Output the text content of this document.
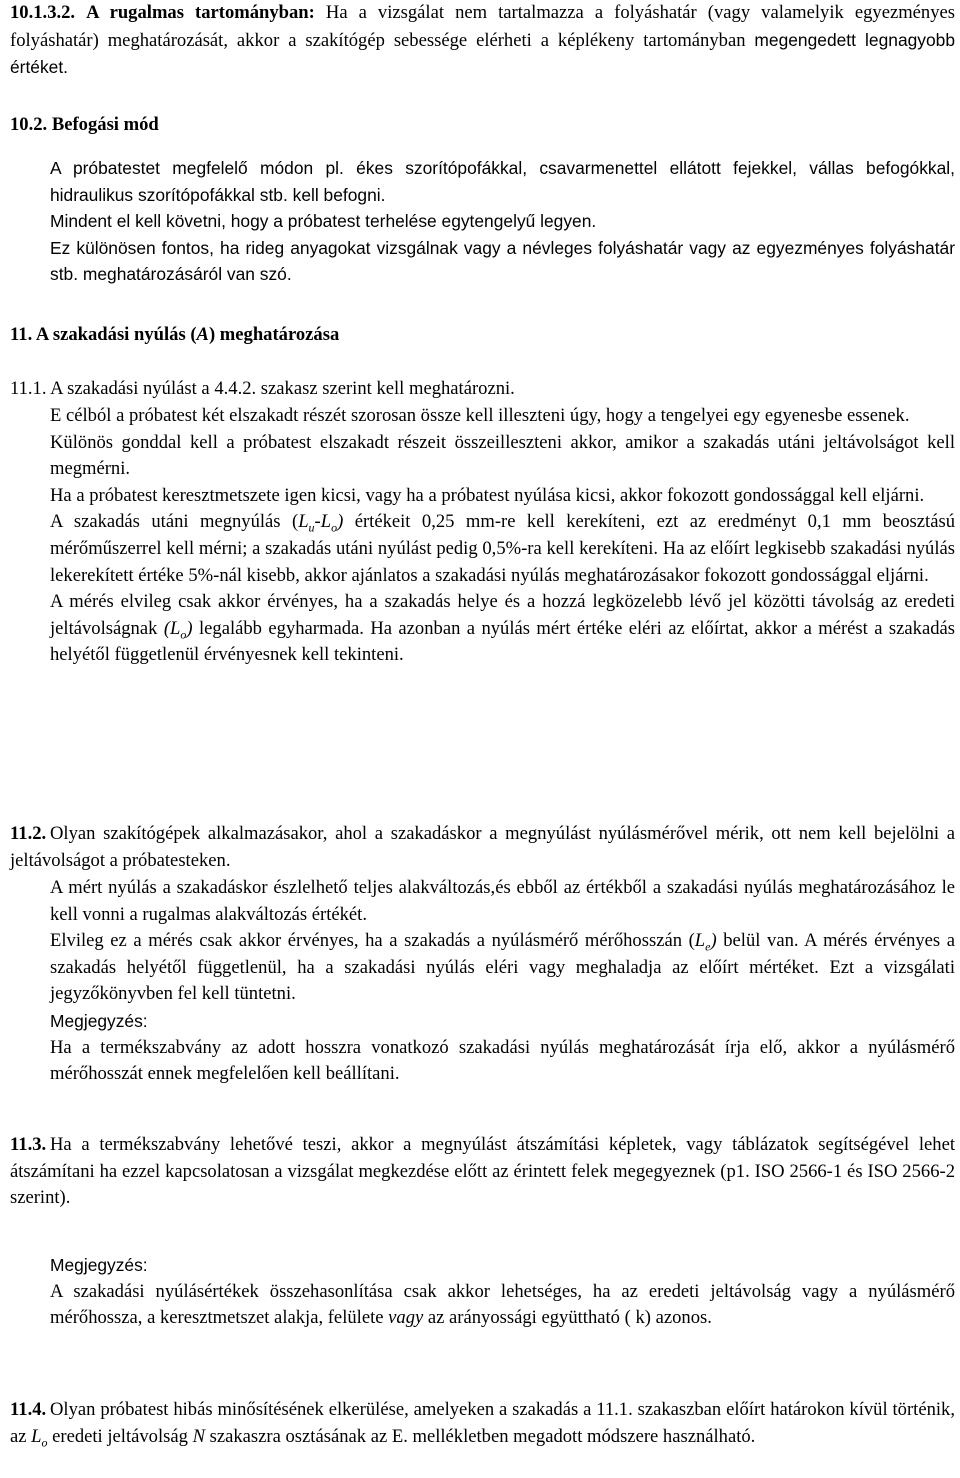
10.1.3.2. A rugalmas tartományban: Ha a vizsgálat nem tartalmazza a folyáshatár (vagy valamelyik egyezményes folyáshatár) meghatározását, akkor a szakítógép sebessége elérheti a képlékeny tartományban megengedett legnagyobb értéket.

10.2. Befogási mód

A próbatestet megfelelő módon pl. ékes szorítópofákkal, csavarmenettel ellátott fejekkel, vállas befogókkal, hidraulikus szorítópofákkal stb. kell befogni.

Mindent el kell követni, hogy a próbatest terhelése egytengelyű legyen.

Ez különösen fontos, ha rideg anyagokat vizsgálnak vagy a névleges folyáshatár vagy az egyezményes folyáshatár stb. meghatározásáról van szó.

11. A szakadási nyúlás (A) meghatározása

11.1. A szakadási nyúlást a 4.4.2. szakasz szerint kell meghatározni.

E célból a próbatest két elszakadt részét szorosan össze kell illeszteni úgy, hogy a tengelyei egy egyenesbe essenek.

Különös gonddal kell a próbatest elszakadt részeit összeilleszteni akkor, amikor a szakadás utáni jeltávolságot kell megmérni.

Ha a próbatest keresztmetszete igen kicsi, vagy ha a próbatest nyúlása kicsi, akkor fokozott gondossággal kell eljárni.

A szakadás utáni megnyúlás $(L_u-L_o)$ értékeit 0,25 mm-re kell kerekíteni, ezt az eredményt 0,1 mm beosztású mérőműszerrel kell mérni; a szakadás utáni nyúlást pedig 0,5%-ra kell kerekíteni. Ha az előírt legkisebb szakadási nyúlás lekerekített értéke 5%-nál kisebb, akkor ajánlatos a szakadási nyúlás meghatározásakor fokozott gondossággal eljárni.

A mérés elvileg csak akkor érvényes, ha a szakadás helye és a hozzá legközelebb lévő jel közötti távolság az eredeti jeltávolságnak $(L_o)$ legalább egyharmada. Ha azonban a nyúlás mért értéke eléri az előírtat, akkor a mérést a szakadás helyétől függetlenül érvényesnek kell tekinteni.

11.2. Olyan szakítógépek alkalmazásakor, ahol a szakadáskor a megnyúlást nyúlásmérővel mérik, ott nem kell bejelölni a jeltávolságot a próbatesteken.

A mért nyúlás a szakadáskor észlelhető teljes alakváltozás,és ebből az értékből a szakadási nyúlás meghatározásához le kell vonni a rugalmas alakváltozás értékét.

Elvileg ez a mérés csak akkor érvényes, ha a szakadás a nyúlásmérő mérőhosszán $(L_e)$ belül van. A mérés érvényes a szakadás helyétől függetlenül, ha a szakadási nyúlás eléri vagy meghaladja az előírt mértéket. Ezt a vizsgálati jegyzőkönyvben fel kell tüntetni.

Megjegyzés:

Ha a termékszabvány az adott hosszra vonatkozó szakadási nyúlás meghatározását írja elő, akkor a nyúlásmérő mérőhosszát ennek megfelelően kell beállítani.

11.3. Ha a termékszabvány lehetővé teszi, akkor a megnyúlást átszámítási képletek, vagy táblázatok segítségével lehet átszámítani ha ezzel kapcsolatosan a vizsgálat megkezdése előtt az érintett felek megegyeznek (p1. ISO 2566-1 és ISO 2566-2 szerint).

Megjegyzés:

A szakadási nyúlásértékek összehasonlítása csak akkor lehetséges, ha az eredeti jeltávolság vagy a nyúlásmérő mérőhossza, a keresztmetszet alakja, felülete vagy az arányossági együttható ( k) azonos.

11.4. Olyan próbatest hibás minősítésének elkerülése, amelyeken a szakadás a 11.1. szakaszban előírt határokon kívül történik, az $L_o$ eredeti jeltávolság N szakaszra osztásának az E. mellékletben megadott módszere használható.
